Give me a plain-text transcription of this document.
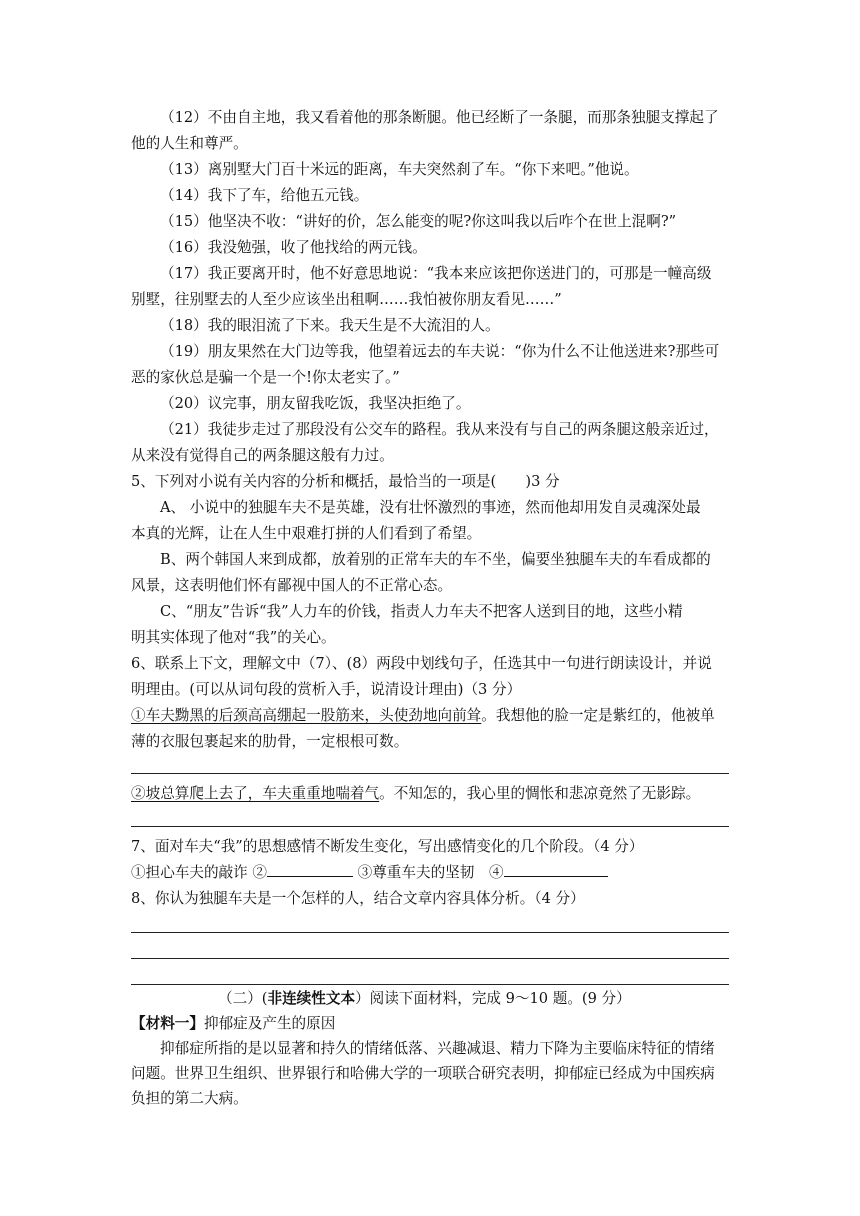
（12）不由自主地，我又看着他的那条断腿。他已经断了一条腿，而那条独腿支撑起了
他的人生和尊严。
（13）离别墅大门百十米远的距离，车夫突然刹了车。“你下来吧。”他说。
（14）我下了车，给他五元钱。
（15）他坚决不收：“讲好的价，怎么能变的呢?你这叫我以后咋个在世上混啊?”
（16）我没勉强，收了他找给的两元钱。
（17）我正要离开时，他不好意思地说：“我本来应该把你送进门的，可那是一幢高级
别墅，往别墅去的人至少应该坐出租啊……我怕被你朋友看见……”
（18）我的眼泪流了下来。我天生是不大流泪的人。
（19）朋友果然在大门边等我，他望着远去的车夫说：“你为什么不让他送进来?那些可
恶的家伙总是骗一个是一个!你太老实了。”
（20）议完事，朋友留我吃饭，我坚决拒绝了。
（21）我徒步走过了那段没有公交车的路程。我从来没有与自己的两条腿这般亲近过，
从来没有觉得自己的两条腿这般有力过。
5、下列对小说有关内容的分析和概括，最恰当的一项是(　　)3 分
A、 小说中的独腿车夫不是英雄，没有壮怀激烈的事迹，然而他却用发自灵魂深处最
本真的光辉，让在人生中艰难打拼的人们看到了希望。
B、两个韩国人来到成都，放着别的正常车夫的车不坐，偏要坐独腿车夫的车看成都的
风景，这表明他们怀有鄙视中国人的不正常心态。
C、“朋友”告诉“我”人力车的价钱，指责人力车夫不把客人送到目的地，这些小精
明其实体现了他对“我”的关心。
6、联系上下文，理解文中（7）、(8）两段中划线句子，任选其中一句进行朗读设计，并说
明理由。(可以从词句段的赏析入手，说清设计理由)（3 分）
①车夫黝黑的后颈高高绷起一股筋来，头使劲地向前耸。我想他的脸一定是紫红的，他被单
薄的衣服包裹起来的肋骨，一定根根可数。
②坡总算爬上去了，车夫重重地喘着气。不知怎的，我心里的惆怅和悲凉竟然了无影踪。
7、面对车夫“我”的思想感情不断发生变化，写出感情变化的几个阶段。（4 分）
①担心车夫的敲诈 ②	③尊重车夫的坚韧　④
8、你认为独腿车夫是一个怎样的人，结合文章内容具体分析。（4 分）
（二）(非连续性文本）阅读下面材料，完成 9～10 题。(9 分）
【材料一】抑郁症及产生的原因
抑郁症所指的是以显著和持久的情绪低落、兴趣减退、精力下降为主要临床特征的情绪
问题。世界卫生组织、世界银行和哈佛大学的一项联合研究表明，抑郁症已经成为中国疾病
负担的第二大病。
